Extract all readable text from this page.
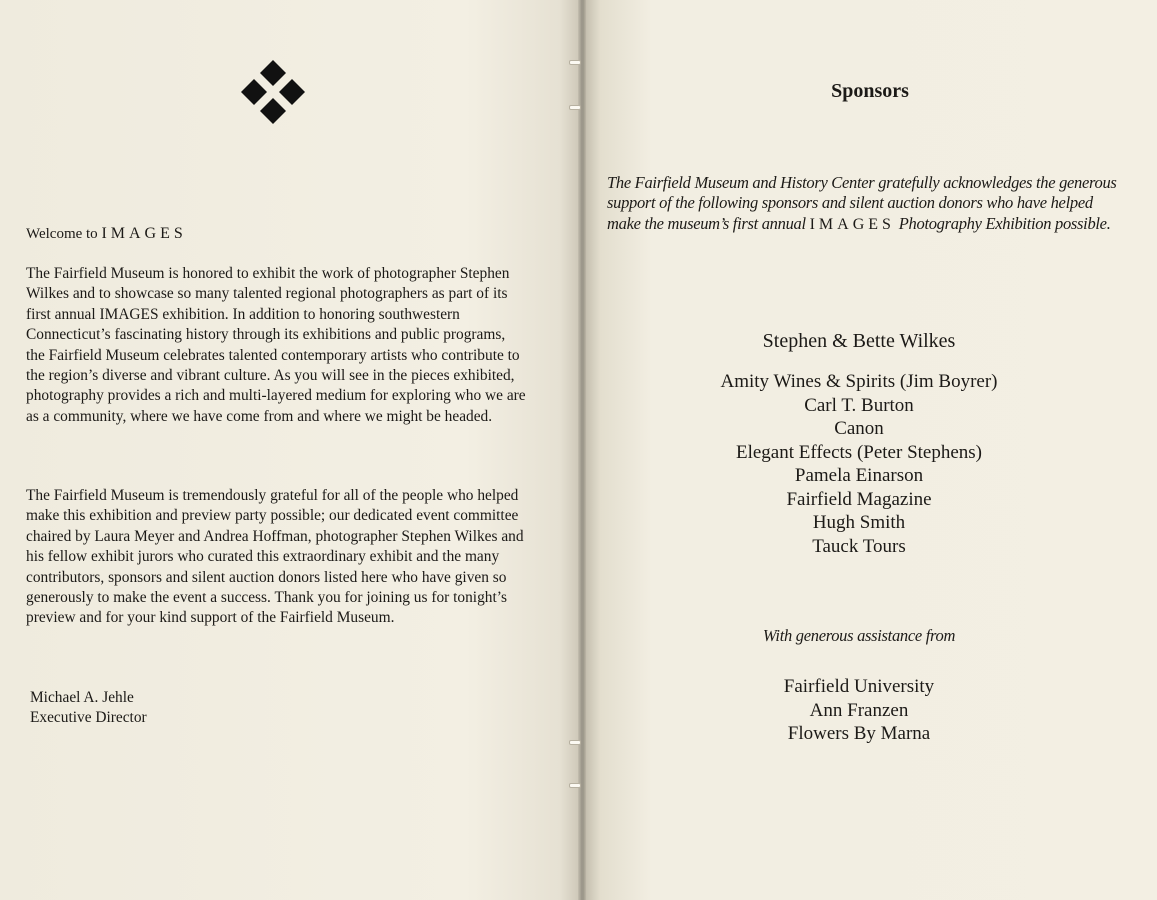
Welcome to IMAGES

The Fairfield Museum is honored to exhibit the work of photographer Stephen Wilkes and to showcase so many talented regional photographers as part of its first annual IMAGES exhibition. In addition to honoring southwestern Connecticut’s fascinating history through its exhibitions and public programs, the Fairfield Museum celebrates talented contemporary artists who contribute to the region’s diverse and vibrant culture. As you will see in the pieces exhibited, photography provides a rich and multi-layered medium for exploring who we are as a community, where we have come from and where we might be headed.

The Fairfield Museum is tremendously grateful for all of the people who helped make this exhibition and preview party possible; our dedicated event committee chaired by Laura Meyer and Andrea Hoffman, photographer Stephen Wilkes and his fellow exhibit jurors who curated this extraordinary exhibit and the many contributors, sponsors and silent auction donors listed here who have given so generously to make the event a success. Thank you for joining us for tonight’s preview and for your kind support of the Fairfield Museum.

Michael A. Jehle
Executive Director
Sponsors

The Fairfield Museum and History Center gratefully acknowledges the generous support of the following sponsors and silent auction donors who have helped make the museum’s first annual IMAGES Photography Exhibition possible.

Stephen & Bette Wilkes
Amity Wines & Spirits (Jim Boyrer)
Carl T. Burton
Canon
Elegant Effects (Peter Stephens)
Pamela Einarson
Fairfield Magazine
Hugh Smith
Tauck Tours
With generous assistance from
Fairfield University
Ann Franzen
Flowers By Marna
